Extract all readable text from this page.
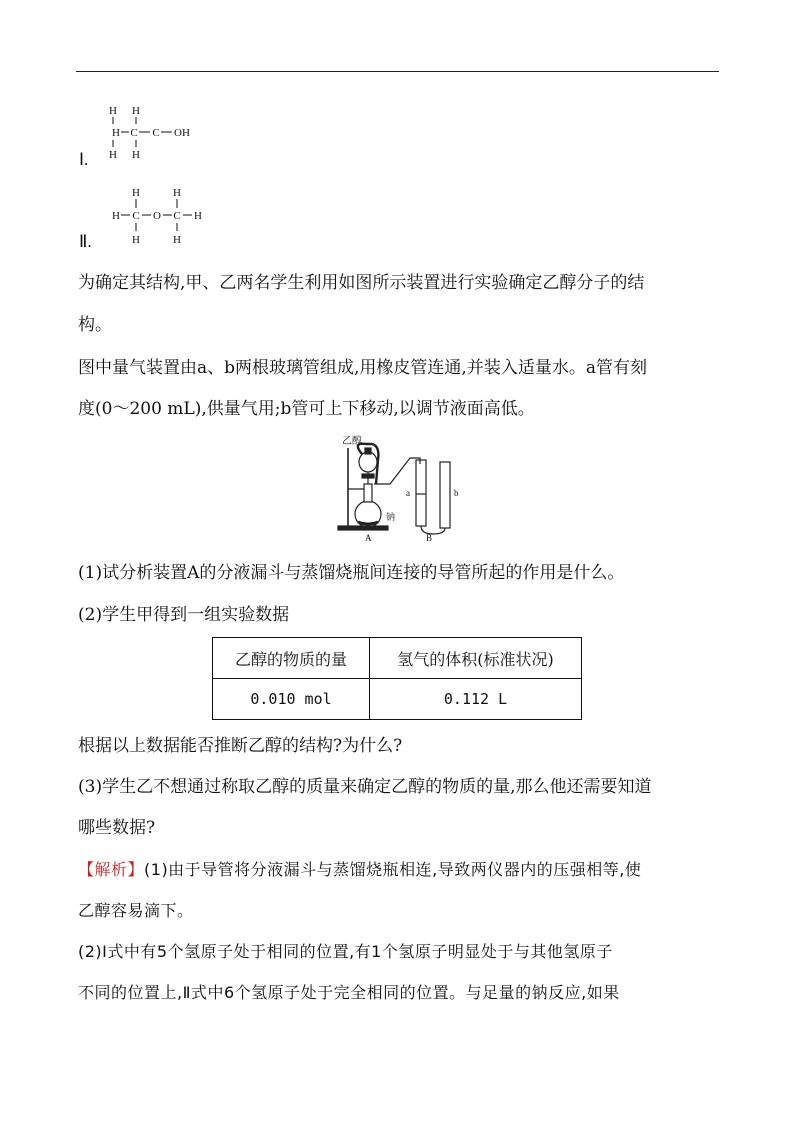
H H
H C C OH
H H
Ⅰ.
H	H
H C O C H
H	H
Ⅱ.
为确定其结构,甲、乙两名学生利用如图所示装置进行实验确定乙醇分子的结
构。
图中量气装置由a、b两根玻璃管组成,用橡皮管连通,并装入适量水。a管有刻
度(0～200 mL),供量气用;b管可上下移动,以调节液面高低。
乙醇
钠
a	b
A	B
(1)试分析装置A的分液漏斗与蒸馏烧瓶间连接的导管所起的作用是什么。
(2)学生甲得到一组实验数据
乙醇的物质的量	氢气的体积(标准状况)
0.010 mol	0.112 L
根据以上数据能否推断乙醇的结构?为什么?
(3)学生乙不想通过称取乙醇的质量来确定乙醇的物质的量,那么他还需要知道
哪些数据?
【解析】(1)由于导管将分液漏斗与蒸馏烧瓶相连,导致两仪器内的压强相等,使
乙醇容易滴下。
(2)Ⅰ式中有5个氢原子处于相同的位置,有1个氢原子明显处于与其他氢原子
不同的位置上,Ⅱ式中6个氢原子处于完全相同的位置。与足量的钠反应,如果
